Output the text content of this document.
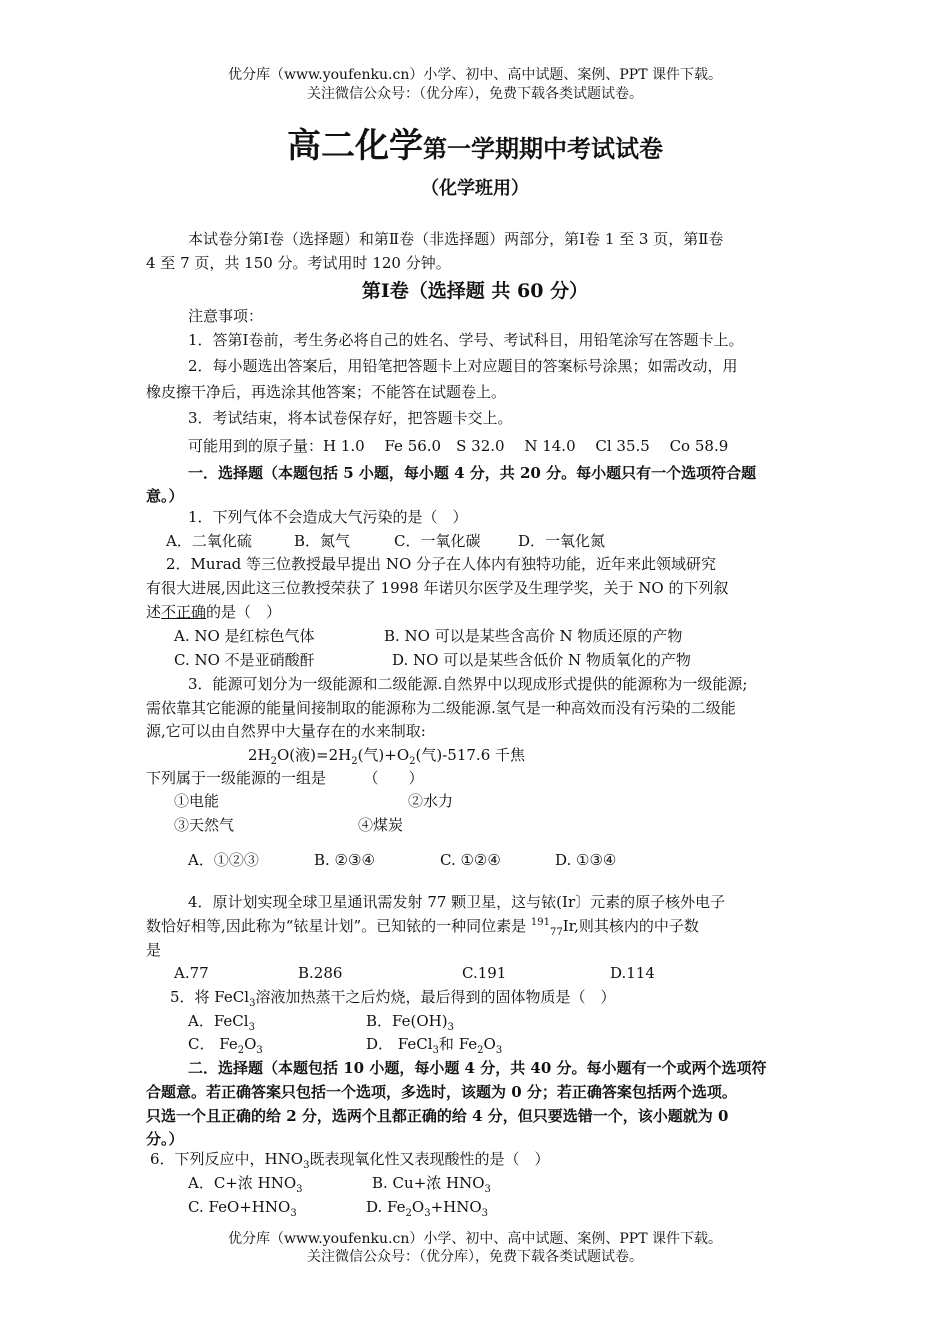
优分库（www.youfenku.cn）小学、初中、高中试题、案例、PPT 课件下载。
关注微信公众号：（优分库），免费下载各类试题试卷。
高二化学第一学期期中考试试卷
（化学班用）
本试卷分第Ⅰ卷（选择题）和第Ⅱ卷（非选择题）两部分，第Ⅰ卷 1 至 3 页，第Ⅱ卷
4 至 7 页，共 150 分。考试用时 120 分钟。
第Ⅰ卷（选择题 共 60 分）
注意事项：
1．答第Ⅰ卷前，考生务必将自己的姓名、学号、考试科目，用铅笔涂写在答题卡上。
2．每小题选出答案后，用铅笔把答题卡上对应题目的答案标号涂黑；如需改动，用
橡皮擦干净后，再选涂其他答案；不能答在试题卷上。
3．考试结束，将本试卷保存好，把答题卡交上。
可能用到的原子量：H 1.0　 Fe 56.0　S 32.0　 N 14.0　 Cl 35.5　 Co 58.9
一．选择题（本题包括 5 小题，每小题 4 分，共 20 分。每小题只有一个选项符合题
意。）
1．下列气体不会造成大气污染的是（　）
A．二氧化硫	B．氮气	C．一氧化碳	D．一氧化氮
2．Murad 等三位教授最早提出 NO 分子在人体内有独特功能，近年来此领域研究
有很大进展,因此这三位教授荣获了 1998 年诺贝尔医学及生理学奖，关于 NO 的下列叙
述不正确的是（　）
A. NO 是红棕色气体	B. NO 可以是某些含高价 N 物质还原的产物
C. NO 不是亚硝酸酐	D. NO 可以是某些含低价 N 物质氧化的产物
3．能源可划分为一级能源和二级能源.自然界中以现成形式提供的能源称为一级能源;
需依靠其它能源的能量间接制取的能源称为二级能源.氢气是一种高效而没有污染的二级能
源,它可以由自然界中大量存在的水来制取:
$2H_2O$(液)$=2H_2$(气)$+O_2$(气)-517.6 千焦
下列属于一级能源的一组是　　　（　　）
①电能	②水力
③天然气	④煤炭
A．①②③	B. ②③④	C. ①②④	D. ①③④
4．原计划实现全球卫星通讯需发射 77 颗卫星，这与铱(Ir〕元素的原子核外电子
数恰好相等,因此称为“铱星计划”。已知铱的一种同位素是 $^{191}_{77}$Ir,则其核内的中子数
是
A.77	B.286	C.191	D.114
5．将 FeCl$_3$溶液加热蒸干之后灼烧，最后得到的固体物质是（　）
A．FeCl$_3$	B．$Fe(OH)_3$
C． $Fe_2O_3$	D． FeCl$_3$和 $Fe_2O_3$
二．选择题（本题包括 10 小题，每小题 4 分，共 40 分。每小题有一个或两个选项符
合题意。若正确答案只包括一个选项，多选时，该题为 0 分；若正确答案包括两个选项。
只选一个且正确的给 2 分，选两个且都正确的给 4 分，但只要选错一个，该小题就为 0
分。）
6．下列反应中，$HNO_3$既表现氧化性又表现酸性的是（　）
A．C+浓 $HNO_3$	B. Cu+浓 $HNO_3$
C. $FeO+HNO_3$	D. $Fe_2O_3+HNO_3$
优分库（www.youfenku.cn）小学、初中、高中试题、案例、PPT 课件下载。
关注微信公众号：（优分库），免费下载各类试题试卷。
